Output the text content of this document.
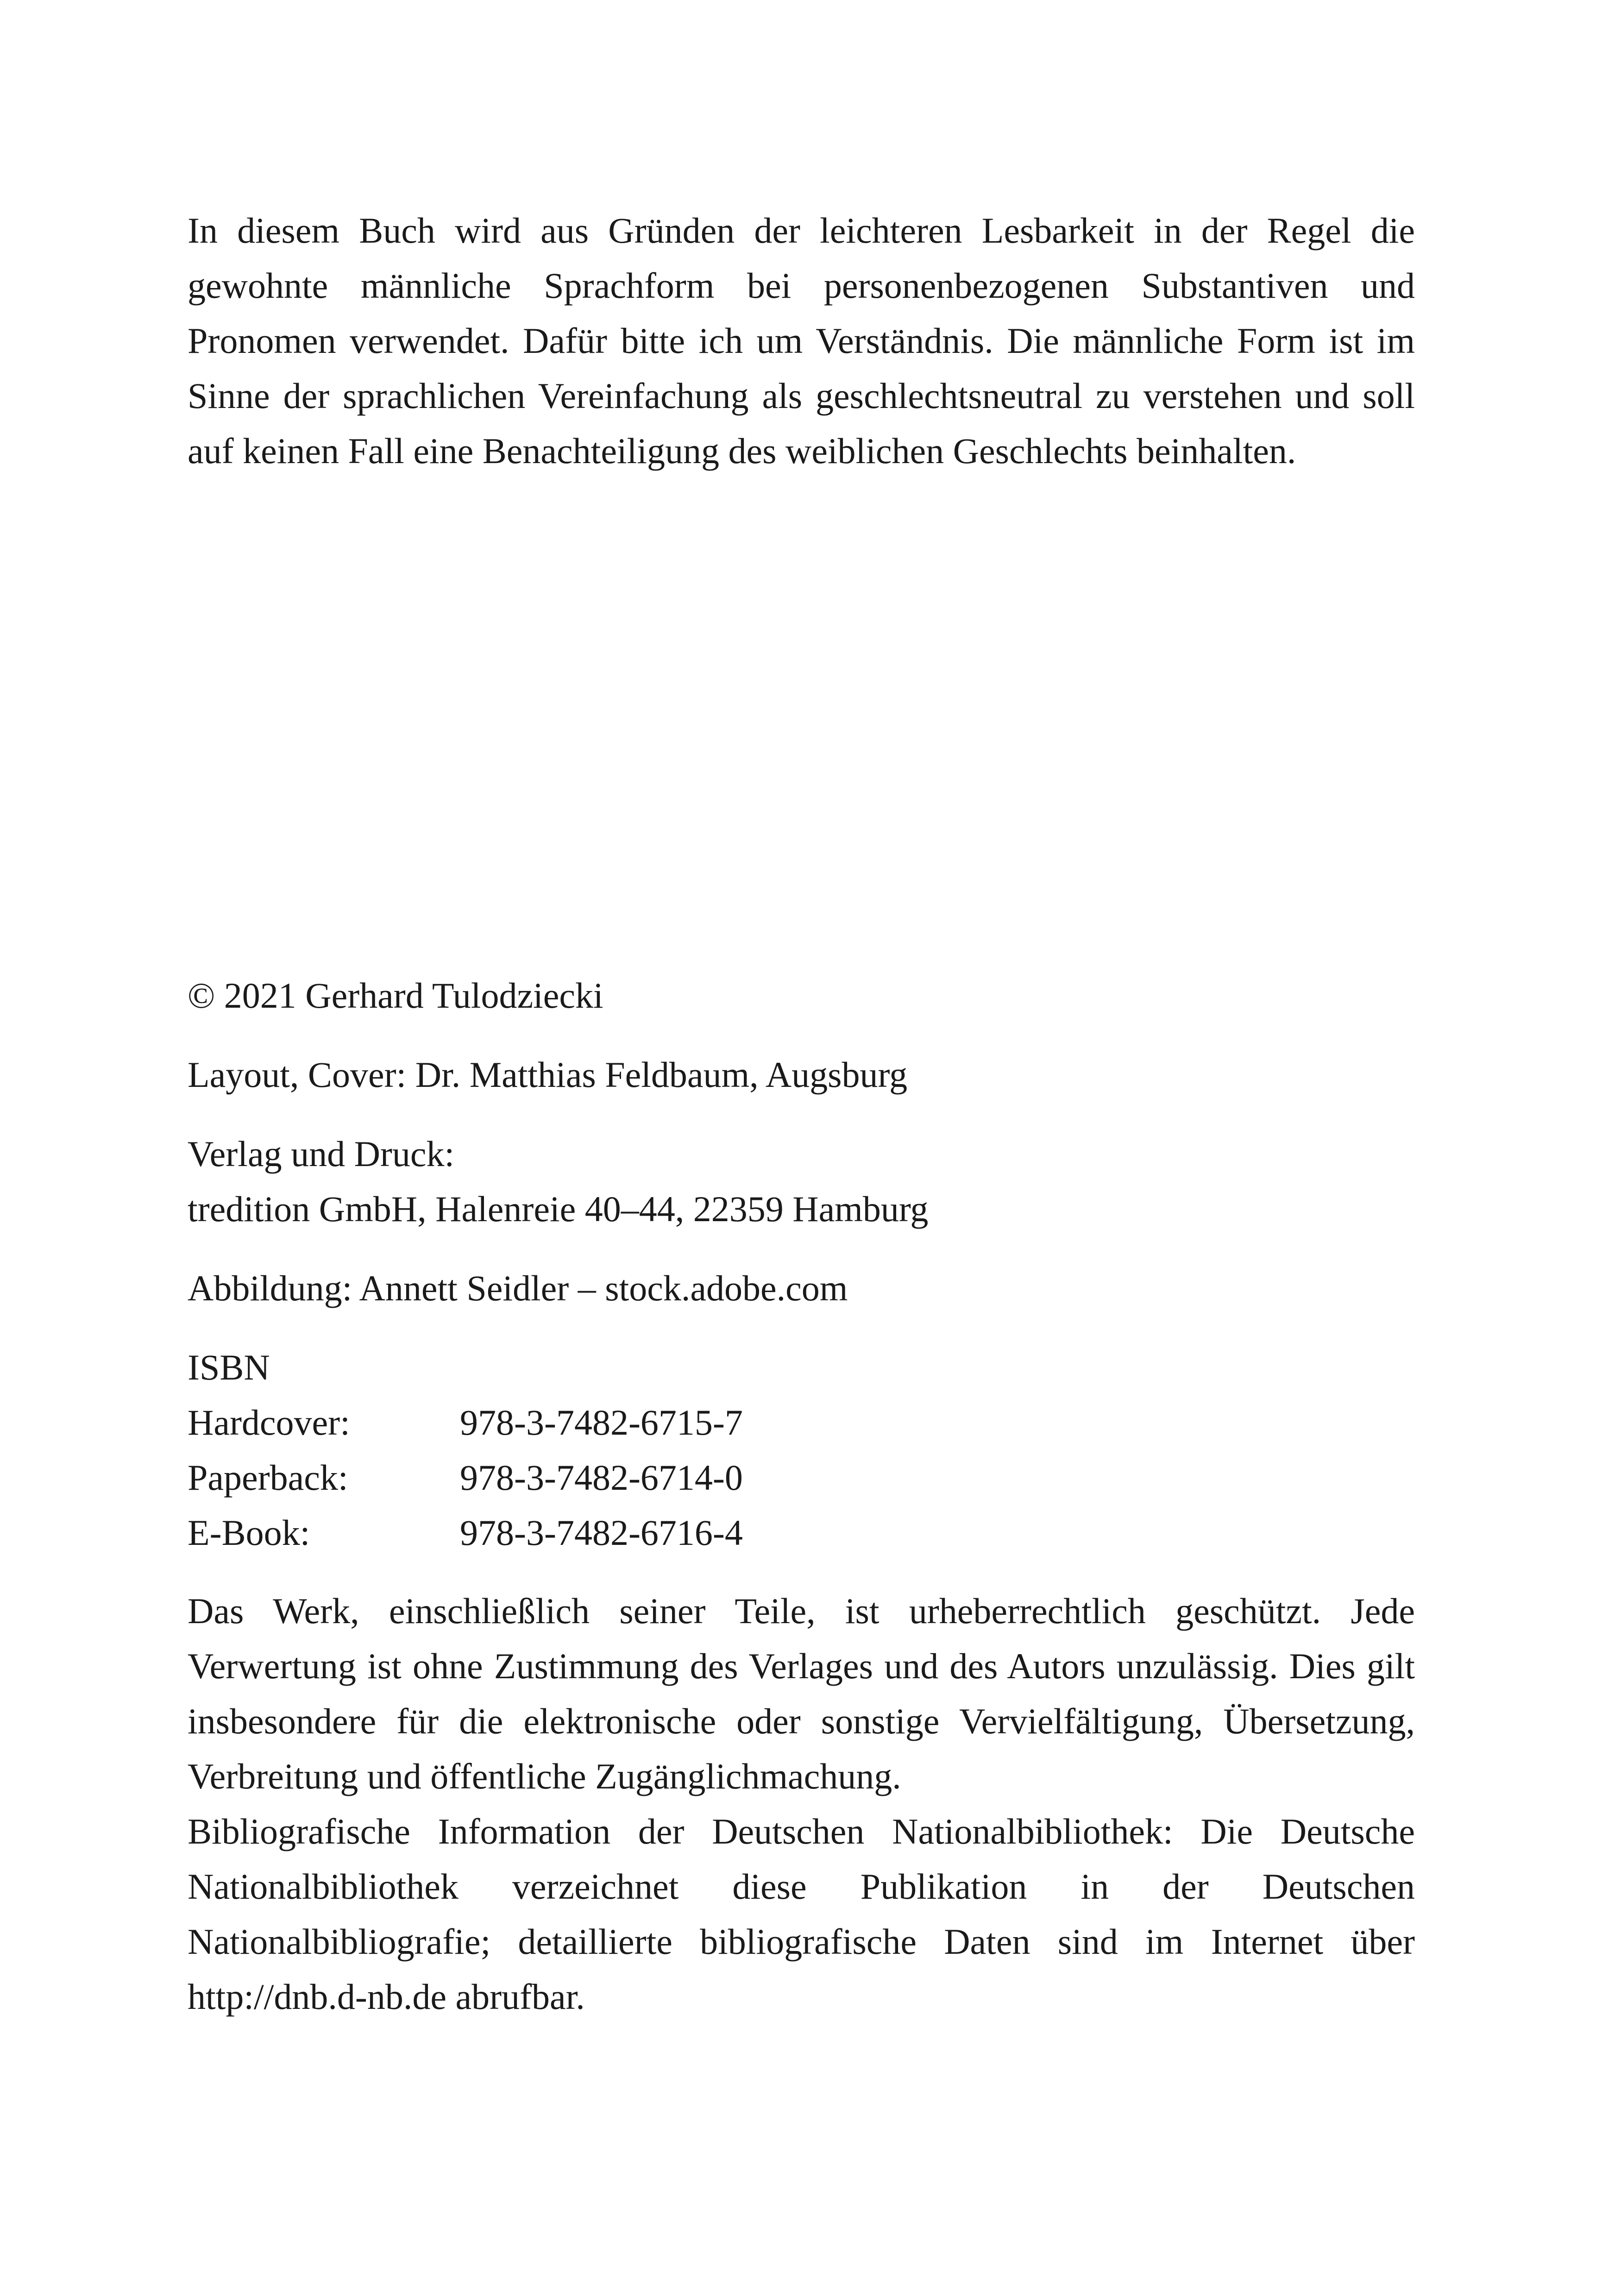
In diesem Buch wird aus Gründen der leichteren Lesbarkeit in der Regel die gewohnte männliche Sprachform bei personenbezogenen Substantiven und Pronomen verwendet. Dafür bitte ich um Verständnis. Die männliche Form ist im Sinne der sprachlichen Vereinfachung als geschlechtsneutral zu verstehen und soll auf keinen Fall eine Benachteiligung des weiblichen Geschlechts beinhalten.

© 2021 Gerhard Tulodziecki

Layout, Cover: Dr. Matthias Feldbaum, Augsburg

Verlag und Druck:

tredition GmbH, Halenreie 40–44, 22359 Hamburg

Abbildung: Annett Seidler – stock.adobe.com

ISBN

Hardcover:	978-3-7482-6715-7
Paperback:	978-3-7482-6714-0
E-Book:	978-3-7482-6716-4

Das Werk, einschließlich seiner Teile, ist urheberrechtlich geschützt. Jede Verwertung ist ohne Zustimmung des Verlages und des Autors unzulässig. Dies gilt insbesondere für die elektronische oder sonstige Vervielfältigung, Übersetzung, Verbreitung und öffentliche Zugänglichmachung.

Bibliografische Information der Deutschen Nationalbibliothek: Die Deutsche Nationalbibliothek verzeichnet diese Publikation in der Deutschen Nationalbibliografie; detaillierte bibliografische Daten sind im Internet über http://dnb.d-nb.de abrufbar.
